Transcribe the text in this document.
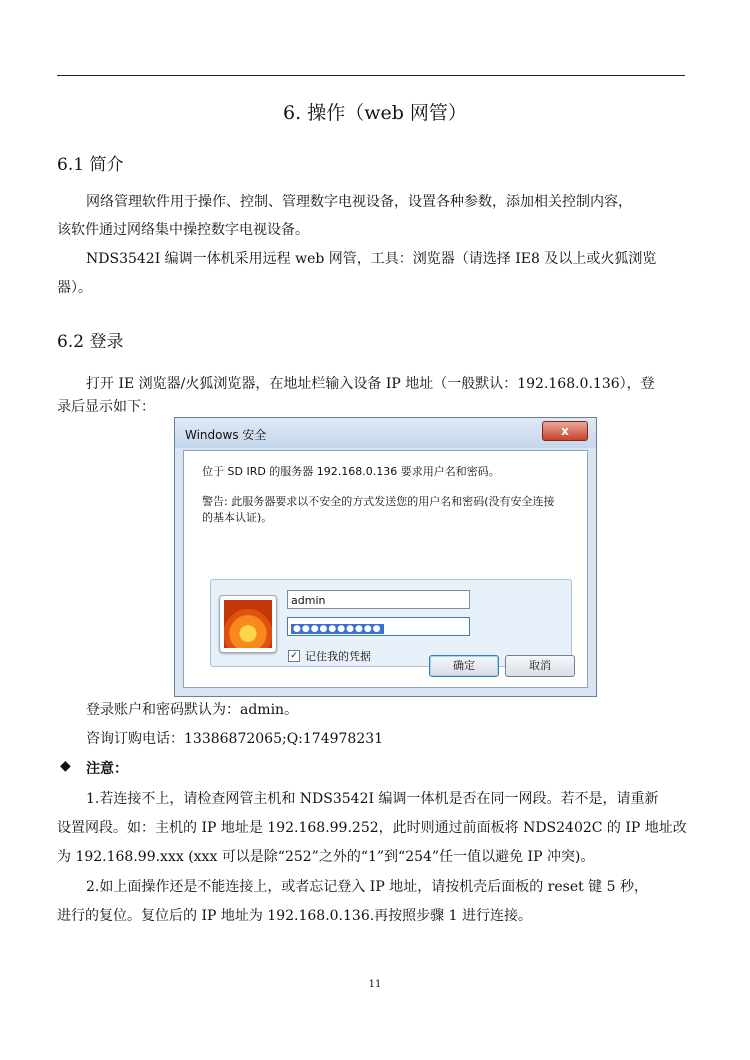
6. 操作（web 网管）
6.1 简介
网络管理软件用于操作、控制、管理数字电视设备，设置各种参数，添加相关控制内容，
该软件通过网络集中操控数字电视设备。
NDS3542I 编调一体机采用远程 web 网管，工具：浏览器（请选择 IE8 及以上或火狐浏览
器）。
6.2 登录
打开 IE 浏览器/火狐浏览器，在地址栏输入设备 IP 地址（一般默认：192.168.0.136），登
录后显示如下：
Windows 安全	x
位于 SD IRD 的服务器 192.168.0.136 要求用户名和密码。
警告: 此服务器要求以不安全的方式发送您的用户名和密码(没有安全连接
的基本认证)。
admin
●●●●●●●●●●
✓ 记住我的凭据
确定	取消
登录账户和密码默认为：admin。
咨询订购电话：13386872065;Q:174978231
◆ 注意：
1.若连接不上，请检查网管主机和 NDS3542I 编调一体机是否在同一网段。若不是，请重新
设置网段。如：主机的 IP 地址是 192.168.99.252，此时则通过前面板将 NDS2402C 的 IP 地址改
为 192.168.99.xxx (xxx 可以是除“252”之外的“1”到“254”任一值以避免 IP 冲突)。
2.如上面操作还是不能连接上，或者忘记登入 IP 地址，请按机壳后面板的 reset 键 5 秒，
进行的复位。复位后的 IP 地址为 192.168.0.136.再按照步骤 1 进行连接。
11
